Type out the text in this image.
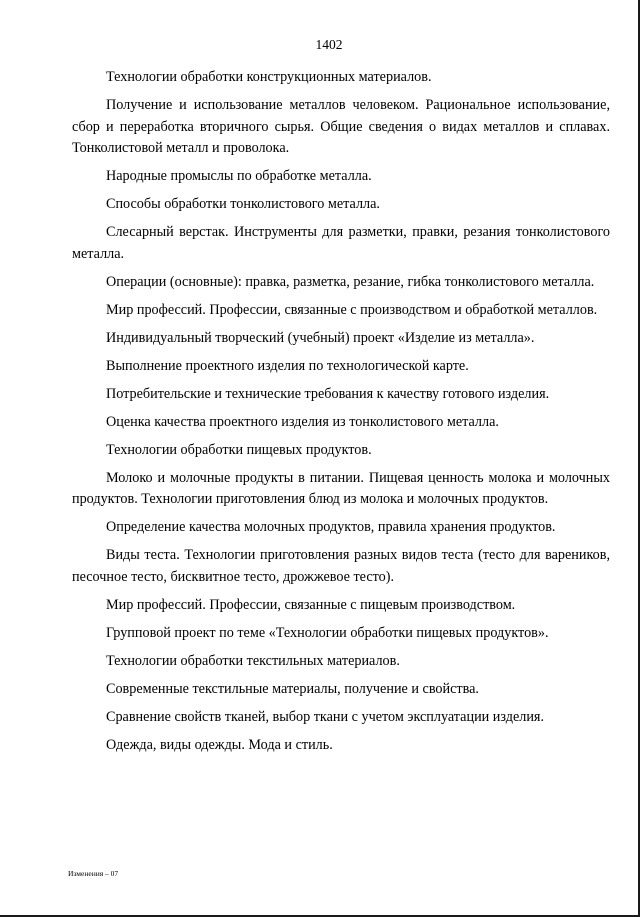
1402

Технологии обработки конструкционных материалов.

Получение и использование металлов человеком. Рациональное использование, сбор и переработка вторичного сырья. Общие сведения о видах металлов и сплавах. Тонколистовой металл и проволока.

Народные промыслы по обработке металла.

Способы обработки тонколистового металла.

Слесарный верстак. Инструменты для разметки, правки, резания тонколистового металла.

Операции (основные): правка, разметка, резание, гибка тонколистового металла.

Мир профессий. Профессии, связанные с производством и обработкой металлов.

Индивидуальный творческий (учебный) проект «Изделие из металла».

Выполнение проектного изделия по технологической карте.

Потребительские и технические требования к качеству готового изделия.

Оценка качества проектного изделия из тонколистового металла.

Технологии обработки пищевых продуктов.

Молоко и молочные продукты в питании. Пищевая ценность молока и молочных продуктов. Технологии приготовления блюд из молока и молочных продуктов.

Определение качества молочных продуктов, правила хранения продуктов.

Виды теста. Технологии приготовления разных видов теста (тесто для вареников, песочное тесто, бисквитное тесто, дрожжевое тесто).

Мир профессий. Профессии, связанные с пищевым производством.

Групповой проект по теме «Технологии обработки пищевых продуктов».

Технологии обработки текстильных материалов.

Современные текстильные материалы, получение и свойства.

Сравнение свойств тканей, выбор ткани с учетом эксплуатации изделия.

Одежда, виды одежды. Мода и стиль.

Изменения – 07
